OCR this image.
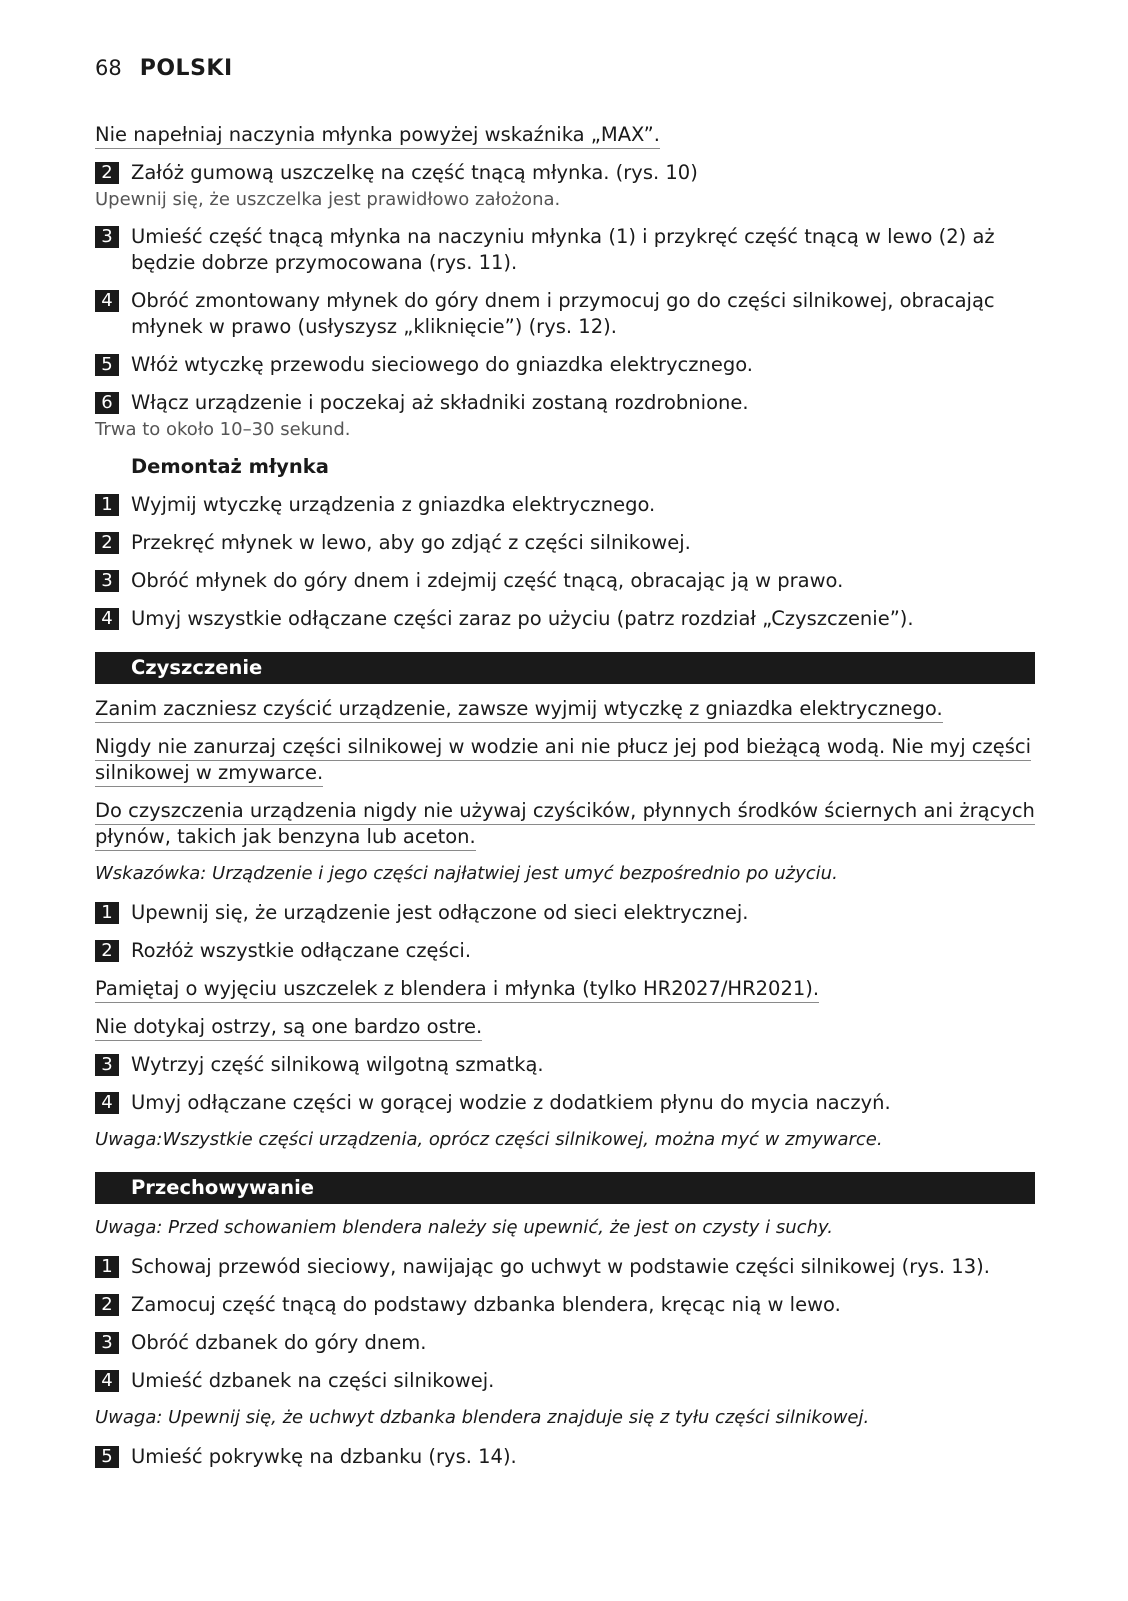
68 POLSKI
Nie napełniaj naczynia młynka powyżej wskaźnika „MAX”.
2 Załóż gumową uszczelkę na część tnącą młynka. (rys. 10)
Upewnij się, że uszczelka jest prawidłowo założona.
3 Umieść część tnącą młynka na naczyniu młynka (1) i przykręć część tnącą w lewo (2) aż będzie dobrze przymocowana (rys. 11).
4 Obróć zmontowany młynek do góry dnem i przymocuj go do części silnikowej, obracając młynek w prawo (usłyszysz „kliknięcie”) (rys. 12).
5 Włóż wtyczkę przewodu sieciowego do gniazdka elektrycznego.
6 Włącz urządzenie i poczekaj aż składniki zostaną rozdrobnione.
Trwa to około 10–30 sekund.
Demontaż młynka
1 Wyjmij wtyczkę urządzenia z gniazdka elektrycznego.
2 Przekręć młynek w lewo, aby go zdjąć z części silnikowej.
3 Obróć młynek do góry dnem i zdejmij część tnącą, obracając ją w prawo.
4 Umyj wszystkie odłączane części zaraz po użyciu (patrz rozdział „Czyszczenie”).
Czyszczenie
Zanim zaczniesz czyścić urządzenie, zawsze wyjmij wtyczkę z gniazdka elektrycznego.
Nigdy nie zanurzaj części silnikowej w wodzie ani nie płucz jej pod bieżącą wodą. Nie myj części silnikowej w zmywarce.
Do czyszczenia urządzenia nigdy nie używaj czyścików, płynnych środków ściernych ani żrących płynów, takich jak benzyna lub aceton.
Wskazówka: Urządzenie i jego części najłatwiej jest umyć bezpośrednio po użyciu.
1 Upewnij się, że urządzenie jest odłączone od sieci elektrycznej.
2 Rozłóż wszystkie odłączane części.
Pamiętaj o wyjęciu uszczelek z blendera i młynka (tylko HR2027/HR2021).
Nie dotykaj ostrzy, są one bardzo ostre.
3 Wytrzyj część silnikową wilgotną szmatką.
4 Umyj odłączane części w gorącej wodzie z dodatkiem płynu do mycia naczyń.
Uwaga:Wszystkie części urządzenia, oprócz części silnikowej, można myć w zmywarce.
Przechowywanie
Uwaga: Przed schowaniem blendera należy się upewnić, że jest on czysty i suchy.
1 Schowaj przewód sieciowy, nawijając go uchwyt w podstawie części silnikowej (rys. 13).
2 Zamocuj część tnącą do podstawy dzbanka blendera, kręcąc nią w lewo.
3 Obróć dzbanek do góry dnem.
4 Umieść dzbanek na części silnikowej.
Uwaga: Upewnij się, że uchwyt dzbanka blendera znajduje się z tyłu części silnikowej.
5 Umieść pokrywkę na dzbanku (rys. 14).
